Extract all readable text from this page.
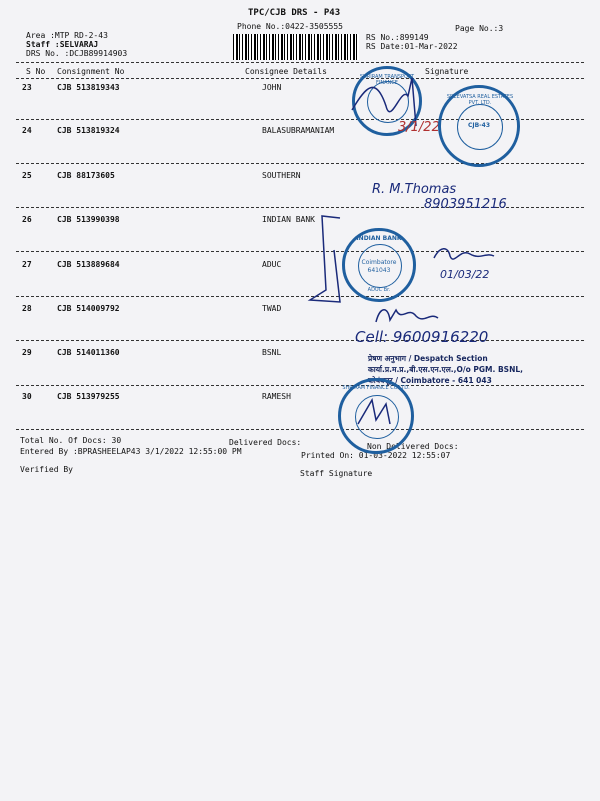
TPC/CJB DRS - P43
Phone No.:0422-3505555	Page No.:3
Area :MTP RD-2-43
Staff :SELVARAJ
DRS No. :DCJB89914903
RS No.:899149
RS Date:01-Mar-2022
S No Consignment No	Consignee Details	Signature
23	CJB 513819343	JOHN
24	CJB 513819324	BALASUBRAMANIAM
25	CJB 88173605	SOUTHERN
26	CJB 513990398	INDIAN BANK
27	CJB 513889684	ADUC
28	CJB 514009792	TWAD
29	CJB 514011360	BSNL
30	CJB 513979255	RAMESH
Total No. Of Docs: 30	Delivered Docs:	Non Delivered Docs:
Entered By :BPRASHEELAP43 3/1/2022 12:55:00 PM	Printed On: 01-03-2022 12:55:07
Verified By	Staff Signature
SHRIRAM TRANSPORT FINANCE
3/1/22
SREEVATSA REAL ESTATES PVT. LTD.
CJB-43
R. M.Thomas
8903951216
INDIAN BANK
Coimbatore
641043
ADUC Br.
01/03/22
Cell: 9600916220
प्रेषण अनुभाग / Despatch Section
कार्या.प्र.म.प्र.,बी.एस.एन.एल.,O/o PGM. BSNL,
कोयंबत्तूर / Coimbatore - 641 043
SHRIRAM FINANCE CO.LTD.
